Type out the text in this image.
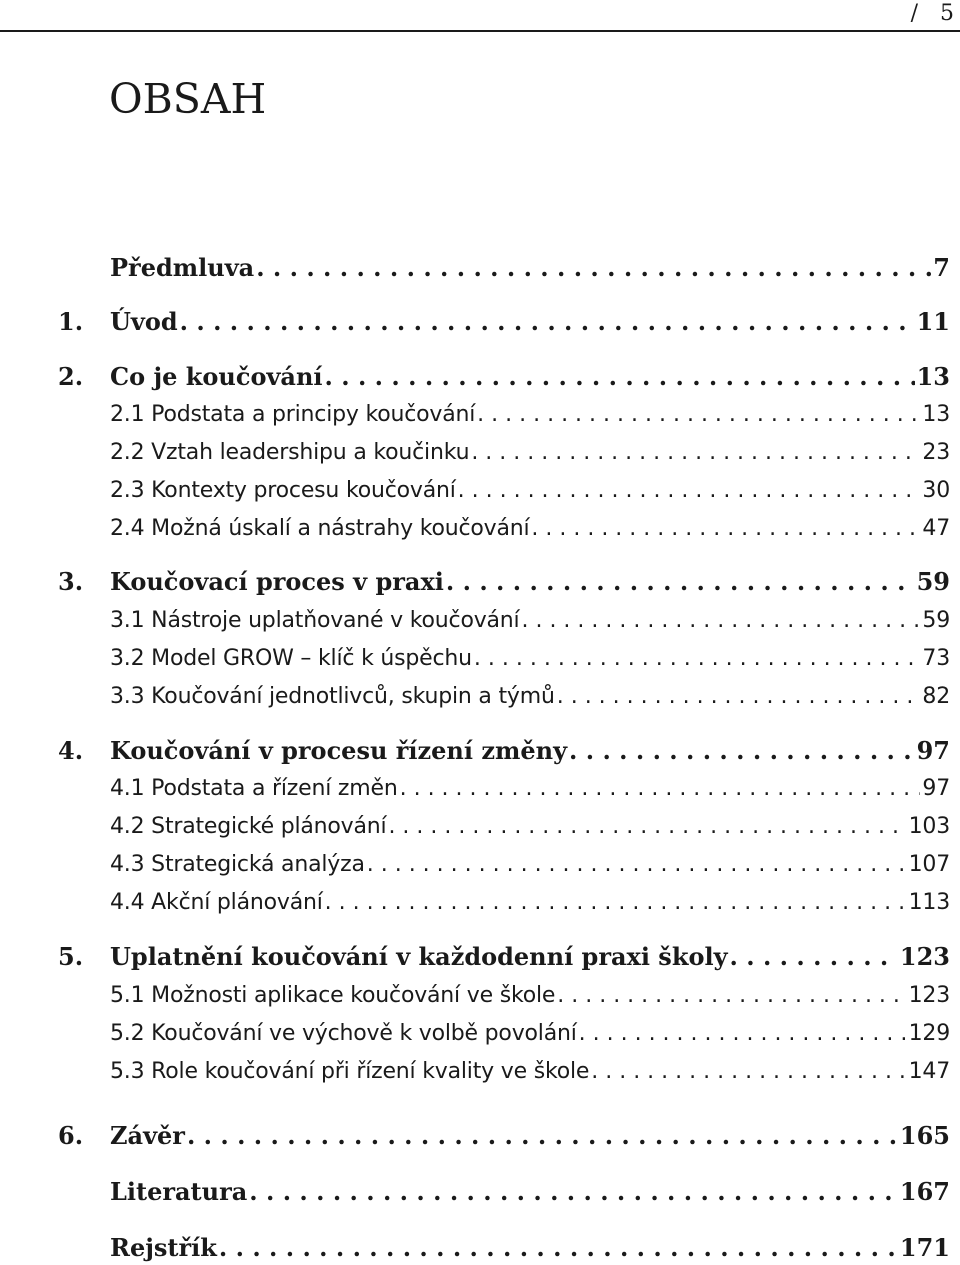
/ 5
OBSAH
Předmluva . . .	7
1.	Úvod . . .	11
2.	Co je koučování . . .	13
2.1 Podstata a principy koučování . . .	13
2.2 Vztah leadershipu a koučinku . . .	23
2.3 Kontexty procesu koučování . . .	30
2.4 Možná úskalí a nástrahy koučování . . .	47
3.	Koučovací proces v praxi . . .	59
3.1 Nástroje uplatňované v koučování . . .	59
3.2 Model GROW – klíč k úspěchu . . .	73
3.3 Koučování jednotlivců, skupin a týmů . . .	82
4.	Koučování v procesu řízení změny . . .	97
4.1 Podstata a řízení změn . . .	97
4.2 Strategické plánování . . .	103
4.3 Strategická analýza . . .	107
4.4 Akční plánování . . .	113
5.	Uplatnění koučování v každodenní praxi školy . . .	123
5.1 Možnosti aplikace koučování ve škole . . .	123
5.2 Koučování ve výchově k volbě povolání . . .	129
5.3 Role koučování při řízení kvality ve škole . . .	147
6.	Závěr . . .	165
Literatura . . .	167
Rejstřík . . .	171
